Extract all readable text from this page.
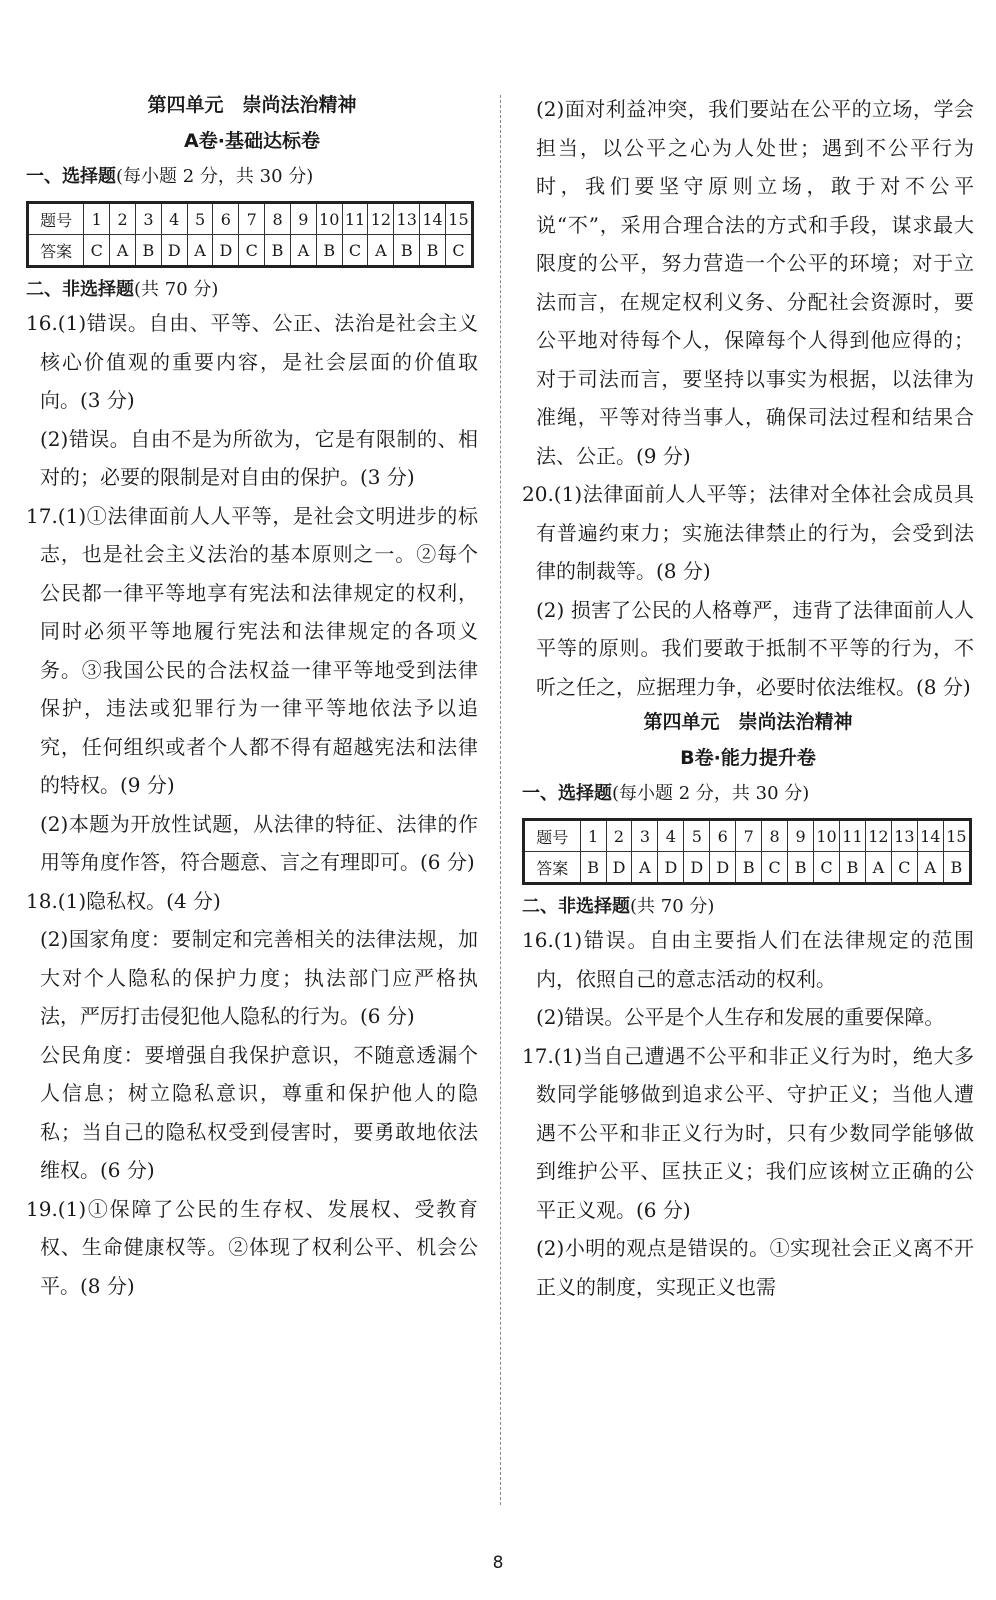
第四单元　崇尚法治精神
A卷·基础达标卷
一、选择题(每小题 2 分，共 30 分)
题号	1	2	3	4	5	6	7	8	9	10	11	12	13	14	15
答案	C	A	B	D	A	D	C	B	A	B	C	A	B	B	C
二、非选择题(共 70 分)

16.(1)错误。自由、平等、公正、法治是社会主义核心价值观的重要内容，是社会层面的价值取向。(3 分)

(2)错误。自由不是为所欲为，它是有限制的、相对的；必要的限制是对自由的保护。(3 分)

17.(1)①法律面前人人平等，是社会文明进步的标志，也是社会主义法治的基本原则之一。②每个公民都一律平等地享有宪法和法律规定的权利，同时必须平等地履行宪法和法律规定的各项义务。③我国公民的合法权益一律平等地受到法律保护，违法或犯罪行为一律平等地依法予以追究，任何组织或者个人都不得有超越宪法和法律的特权。(9 分)

(2)本题为开放性试题，从法律的特征、法律的作用等角度作答，符合题意、言之有理即可。(6 分)

18.(1)隐私权。(4 分)

(2)国家角度：要制定和完善相关的法律法规，加大对个人隐私的保护力度；执法部门应严格执法，严厉打击侵犯他人隐私的行为。(6 分)

公民角度：要增强自我保护意识，不随意透漏个人信息；树立隐私意识，尊重和保护他人的隐私；当自己的隐私权受到侵害时，要勇敢地依法维权。(6 分)

19.(1)①保障了公民的生存权、发展权、受教育权、生命健康权等。②体现了权利公平、机会公平。(8 分)

(2)面对利益冲突，我们要站在公平的立场，学会担当，以公平之心为人处世；遇到不公平行为时，我们要坚守原则立场，敢于对不公平说“不”，采用合理合法的方式和手段，谋求最大限度的公平，努力营造一个公平的环境；对于立法而言，在规定权利义务、分配社会资源时，要公平地对待每个人，保障每个人得到他应得的；对于司法而言，要坚持以事实为根据，以法律为准绳，平等对待当事人，确保司法过程和结果合法、公正。(9 分)

20.(1)法律面前人人平等；法律对全体社会成员具有普遍约束力；实施法律禁止的行为，会受到法律的制裁等。(8 分)

(2) 损害了公民的人格尊严，违背了法律面前人人平等的原则。我们要敢于抵制不平等的行为，不听之任之，应据理力争，必要时依法维权。(8 分)

第四单元　崇尚法治精神
B卷·能力提升卷
一、选择题(每小题 2 分，共 30 分)
题号	1	2	3	4	5	6	7	8	9	10	11	12	13	14	15
答案	B	D	A	D	D	D	B	C	B	C	B	A	C	A	B
二、非选择题(共 70 分)

16.(1)错误。自由主要指人们在法律规定的范围内，依照自己的意志活动的权利。

(2)错误。公平是个人生存和发展的重要保障。

17.(1)当自己遭遇不公平和非正义行为时，绝大多数同学能够做到追求公平、守护正义；当他人遭遇不公平和非正义行为时，只有少数同学能够做到维护公平、匡扶正义；我们应该树立正确的公平正义观。(6 分)

(2)小明的观点是错误的。①实现社会正义离不开正义的制度，实现正义也需

8
